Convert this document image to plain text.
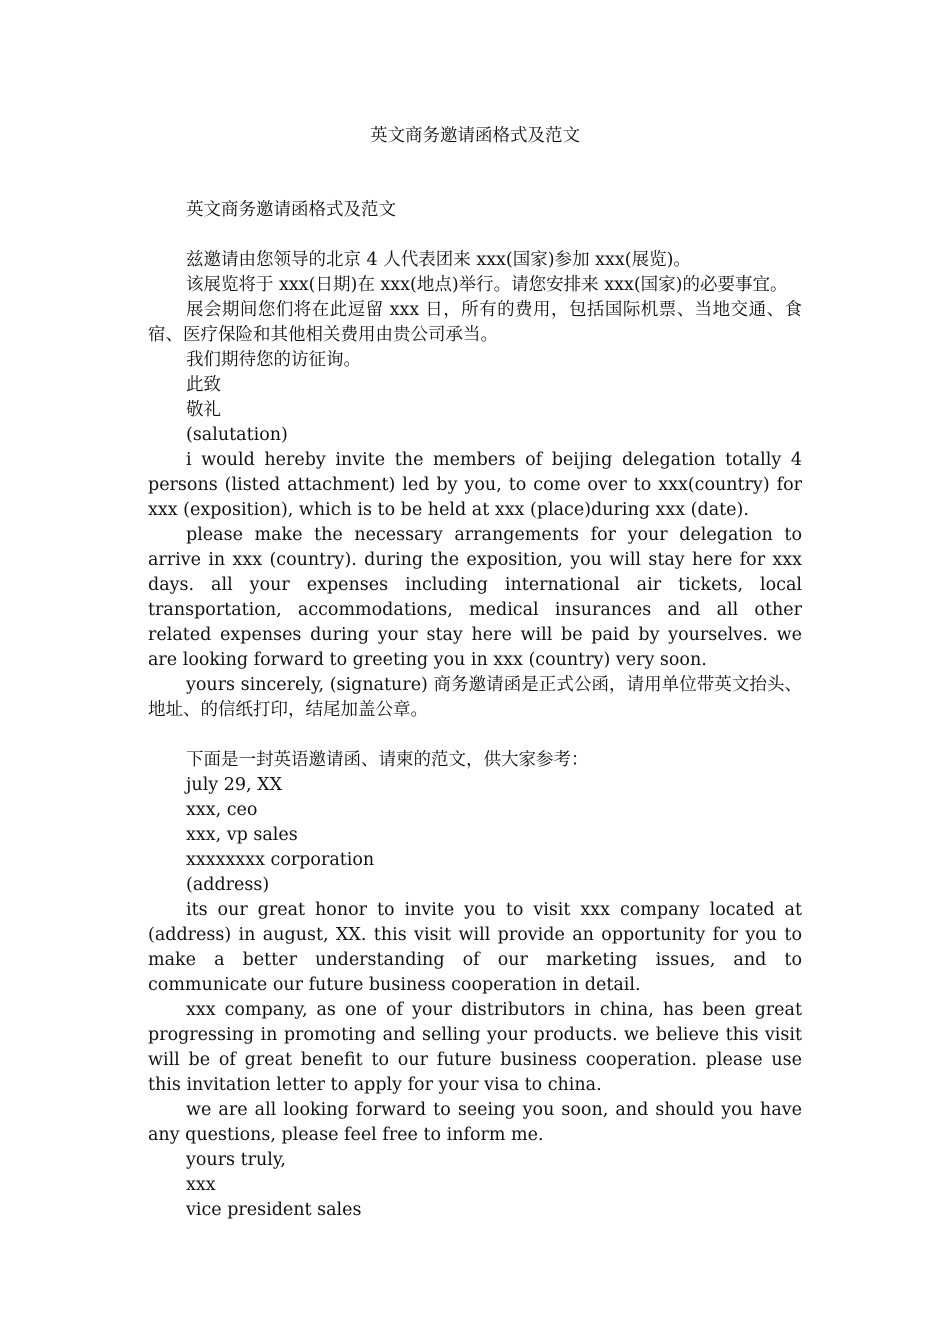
英文商务邀请函格式及范文

英文商务邀请函格式及范文

兹邀请由您领导的北京 4 人代表团来 xxx(国家)参加 xxx(展览)。

该展览将于 xxx(日期)在 xxx(地点)举行。请您安排来 xxx(国家)的必要事宜。

展会期间您们将在此逗留 xxx 日，所有的费用，包括国际机票、当地交通、食宿、医疗保险和其他相关费用由贵公司承当。

我们期待您的访征询。

此致

敬礼

(salutation)

i would hereby invite the members of beijing delegation totally 4 persons (listed attachment) led by you, to come over to xxx(country) for xxx (exposition), which is to be held at xxx (place)during xxx (date).

please make the necessary arrangements for your delegation to arrive in xxx (country). during the exposition, you will stay here for xxx days. all your expenses including international air tickets, local transportation, accommodations, medical insurances and all other related expenses during your stay here will be paid by yourselves. we are looking forward to greeting you in xxx (country) very soon.

yours sincerely, (signature) 商务邀请函是正式公函，请用单位带英文抬头、地址、的信纸打印，结尾加盖公章。

下面是一封英语邀请函、请柬的范文，供大家参考：

july 29, XX

xxx, ceo

xxx, vp sales

xxxxxxxx corporation

(address)

its our great honor to invite you to visit xxx company located at (address) in august, XX. this visit will provide an opportunity for you to make a better understanding of our marketing issues, and to communicate our future business cooperation in detail.

xxx company, as one of your distributors in china, has been great progressing in promoting and selling your products. we believe this visit will be of great benefit to our future business cooperation. please use this invitation letter to apply for your visa to china.

we are all looking forward to seeing you soon, and should you have any questions, please feel free to inform me.

yours truly,

xxx

vice president sales
